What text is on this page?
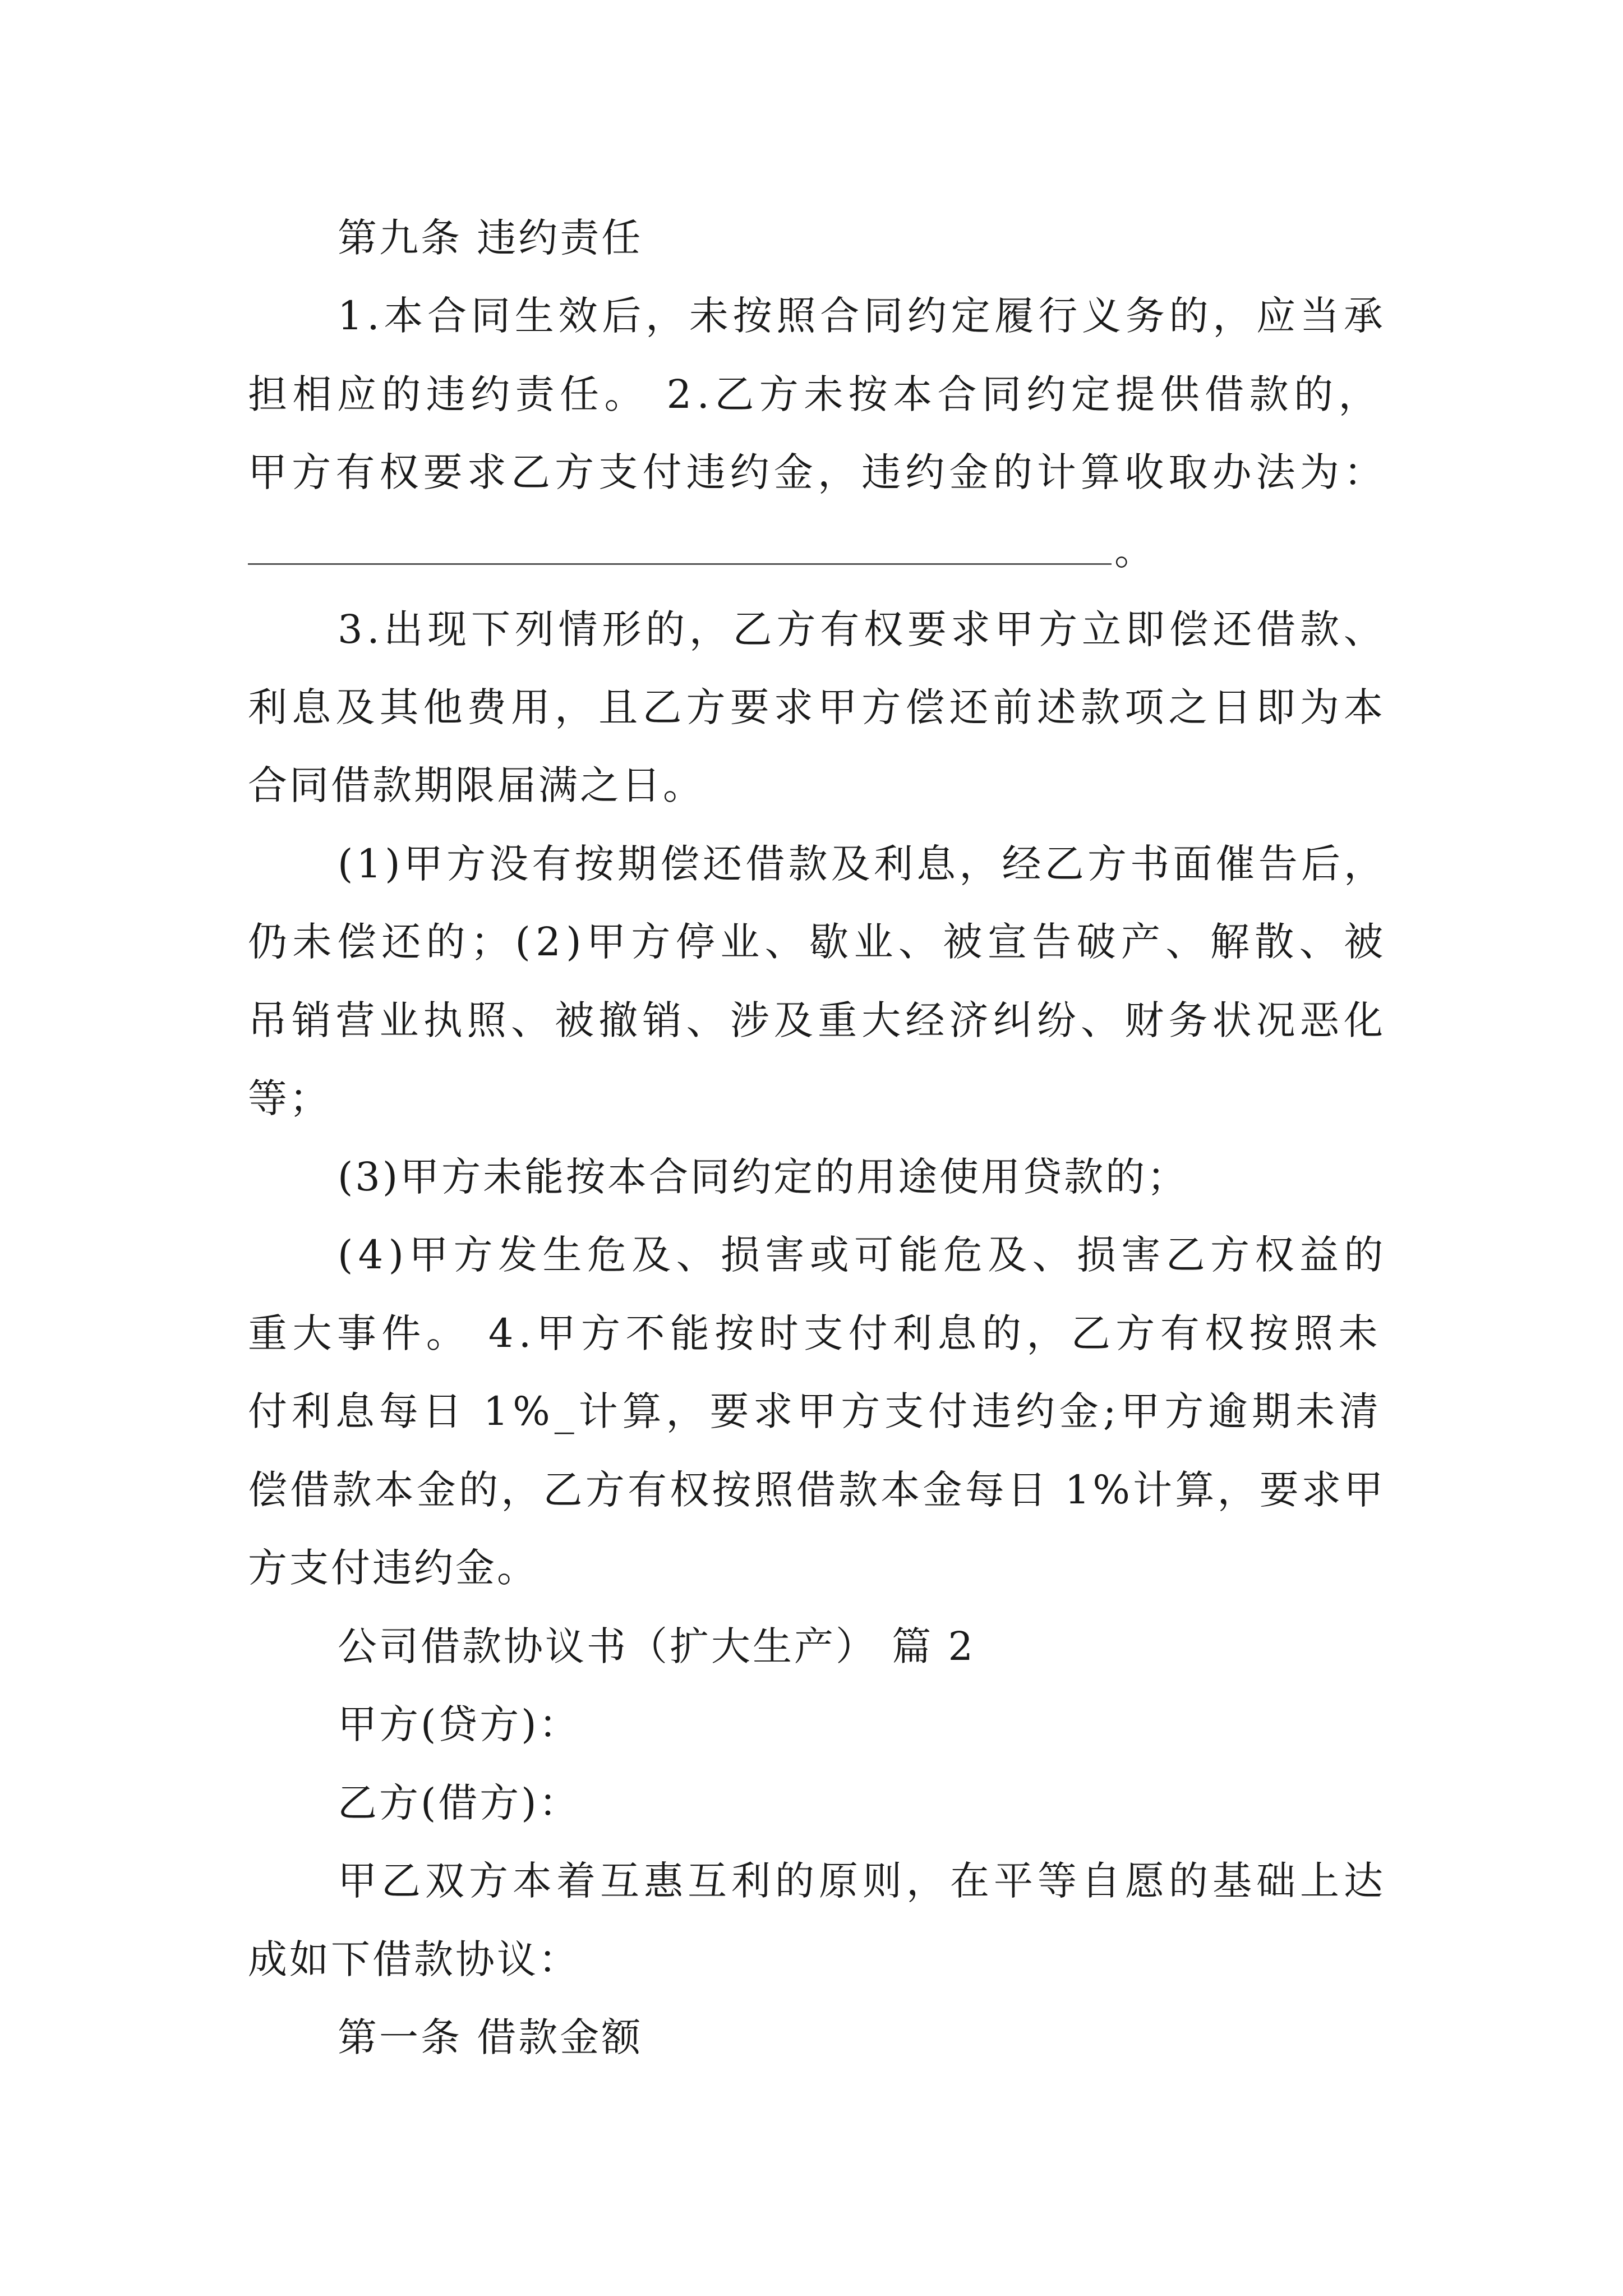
第九条 违约责任
1.本合同生效后，未按照合同约定履行义务的，应当承
担相应的违约责任。 2.乙方未按本合同约定提供借款的，
甲方有权要求乙方支付违约金，违约金的计算收取办法为：
。
3.出现下列情形的，乙方有权要求甲方立即偿还借款、
利息及其他费用，且乙方要求甲方偿还前述款项之日即为本
合同借款期限届满之日。
(1)甲方没有按期偿还借款及利息，经乙方书面催告后，
仍未偿还的；(2)甲方停业、歇业、被宣告破产、解散、被
吊销营业执照、被撤销、涉及重大经济纠纷、财务状况恶化
等；
(3)甲方未能按本合同约定的用途使用贷款的；
(4)甲方发生危及、损害或可能危及、损害乙方权益的
重大事件。 4.甲方不能按时支付利息的，乙方有权按照未
付利息每日 1%_计算，要求甲方支付违约金;甲方逾期未清
偿借款本金的，乙方有权按照借款本金每日 1%计算，要求甲
方支付违约金。
公司借款协议书（扩大生产） 篇 2
甲方(贷方)：
乙方(借方)：
甲乙双方本着互惠互利的原则，在平等自愿的基础上达
成如下借款协议：
第一条 借款金额
